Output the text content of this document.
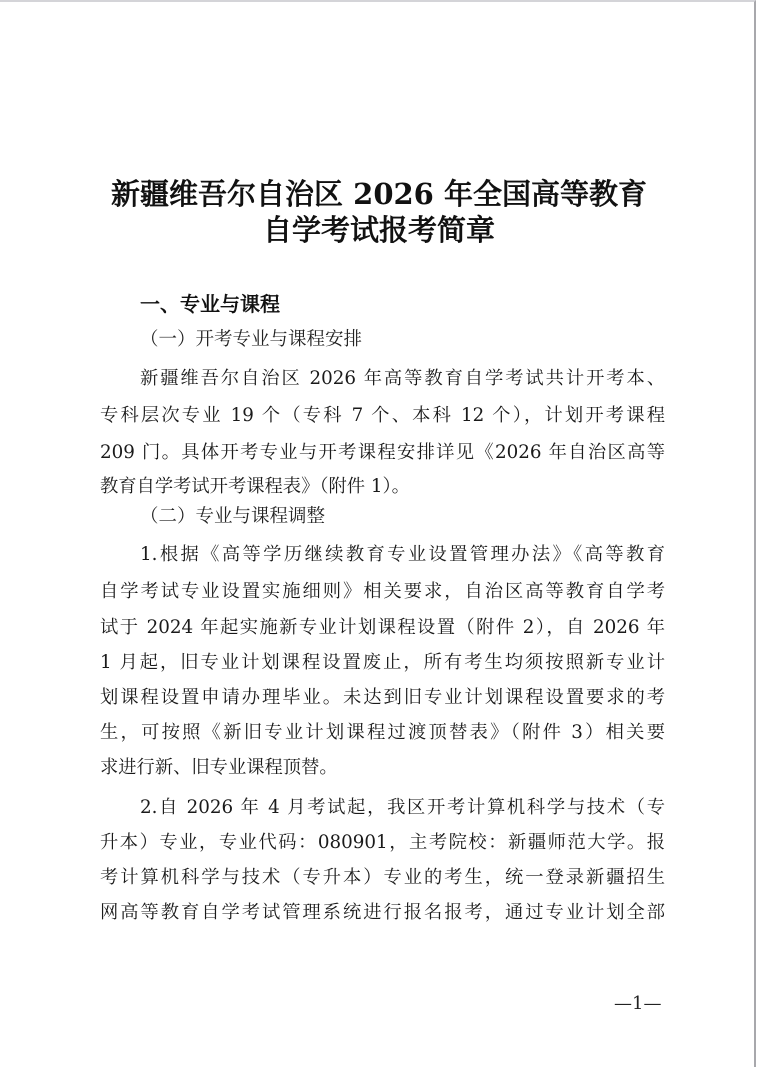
新疆维吾尔自治区 2026 年全国高等教育
自学考试报考简章
一、专业与课程
（一）开考专业与课程安排
新疆维吾尔自治区 2026 年高等教育自学考试共计开考本、
专科层次专业 19 个（专科 7 个、本科 12 个），计划开考课程
209 门。具体开考专业与开考课程安排详见《2026 年自治区高等
教育自学考试开考课程表》（附件 1）。
（二）专业与课程调整
1.根据《高等学历继续教育专业设置管理办法》《高等教育
自学考试专业设置实施细则》相关要求，自治区高等教育自学考
试于 2024 年起实施新专业计划课程设置（附件 2），自 2026 年
1 月起，旧专业计划课程设置废止，所有考生均须按照新专业计
划课程设置申请办理毕业。未达到旧专业计划课程设置要求的考
生，可按照《新旧专业计划课程过渡顶替表》（附件 3）相关要
求进行新、旧专业课程顶替。
2.自 2026 年 4 月考试起，我区开考计算机科学与技术（专
升本）专业，专业代码：080901，主考院校：新疆师范大学。报
考计算机科学与技术（专升本）专业的考生，统一登录新疆招生
网高等教育自学考试管理系统进行报名报考，通过专业计划全部
—1—
